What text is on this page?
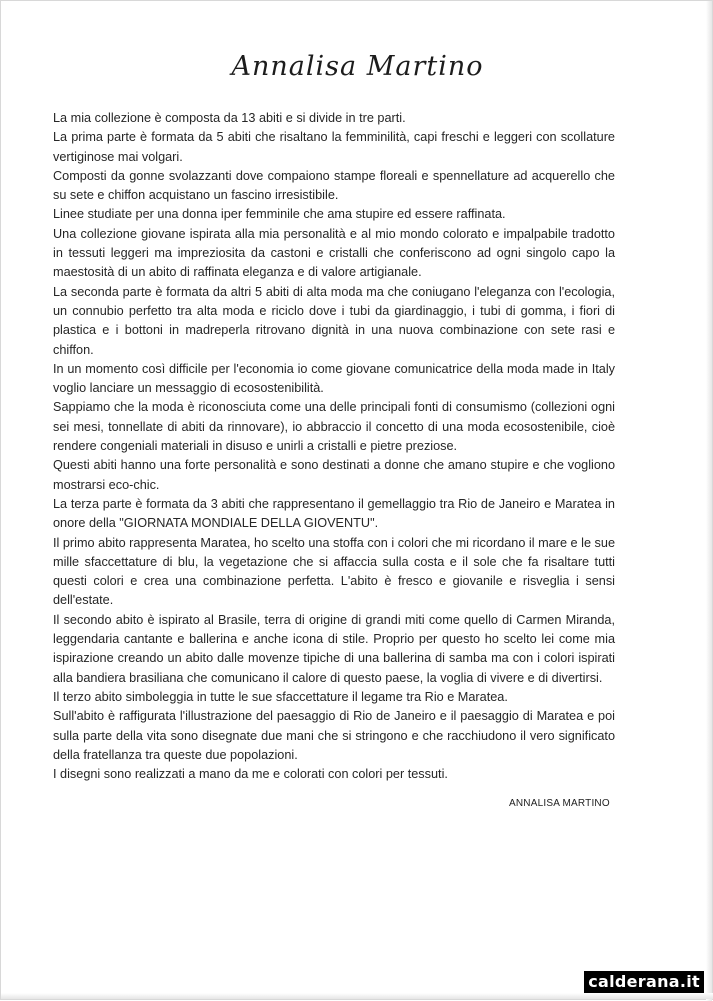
Annalisa Martino

La mia collezione è composta da 13 abiti e si divide in tre parti.

La prima parte è formata da 5 abiti che risaltano la femminilità, capi freschi e leggeri con scollature vertiginose mai volgari.

Composti da gonne svolazzanti dove compaiono stampe floreali e spennellature ad acquerello che su sete e chiffon acquistano un fascino irresistibile.

Linee studiate per una donna iper femminile che ama stupire ed essere raffinata.

Una collezione giovane ispirata alla mia personalità e al mio mondo colorato e impalpabile tradotto in tessuti leggeri ma impreziosita da castoni e cristalli che conferiscono ad ogni singolo capo la maestosità di un abito di raffinata eleganza e di valore artigianale.

La seconda parte è formata da altri 5 abiti di alta moda ma che coniugano l'eleganza con l'ecologia, un connubio perfetto tra alta moda e riciclo dove i tubi da giardinaggio, i tubi di gomma, i fiori di plastica e i bottoni in madreperla ritrovano dignità in una nuova combinazione con sete rasi e chiffon.

In un momento così difficile per l'economia io come giovane comunicatrice della moda made in Italy voglio lanciare un messaggio di ecosostenibilità.

Sappiamo che la moda è riconosciuta come una delle principali fonti di consumismo (collezioni ogni sei mesi, tonnellate di abiti da rinnovare), io abbraccio il concetto di una moda ecosostenibile, cioè rendere congeniali materiali in disuso e unirli a cristalli e pietre preziose.

Questi abiti hanno una forte personalità e sono destinati a donne che amano stupire e che vogliono mostrarsi eco-chic.

La terza parte è formata da 3 abiti che rappresentano il gemellaggio tra Rio de Janeiro e Maratea in onore della "GIORNATA MONDIALE DELLA GIOVENTU".

Il primo abito rappresenta Maratea, ho scelto una stoffa con i colori che mi ricordano il mare e le sue mille sfaccettature di blu, la vegetazione che si affaccia sulla costa e il sole che fa risaltare tutti questi colori e crea una combinazione perfetta. L'abito è fresco e giovanile e risveglia i sensi dell'estate.

Il secondo abito è ispirato al Brasile, terra di origine di grandi miti come quello di Carmen Miranda, leggendaria cantante e ballerina e anche icona di stile. Proprio per questo ho scelto lei come mia ispirazione creando un abito dalle movenze tipiche di una ballerina di samba ma con i colori ispirati alla bandiera brasiliana che comunicano il calore di questo paese, la voglia di vivere e di divertirsi.

Il terzo abito simboleggia in tutte le sue sfaccettature il legame tra Rio e Maratea.

Sull'abito è raffigurata l'illustrazione del paesaggio di Rio de Janeiro e il paesaggio di Maratea e poi sulla parte della vita sono disegnate due mani che si stringono e che racchiudono il vero significato della fratellanza tra queste due popolazioni.

I disegni sono realizzati a mano da me e colorati con colori per tessuti.

ANNALISA MARTINO
calderana.it
